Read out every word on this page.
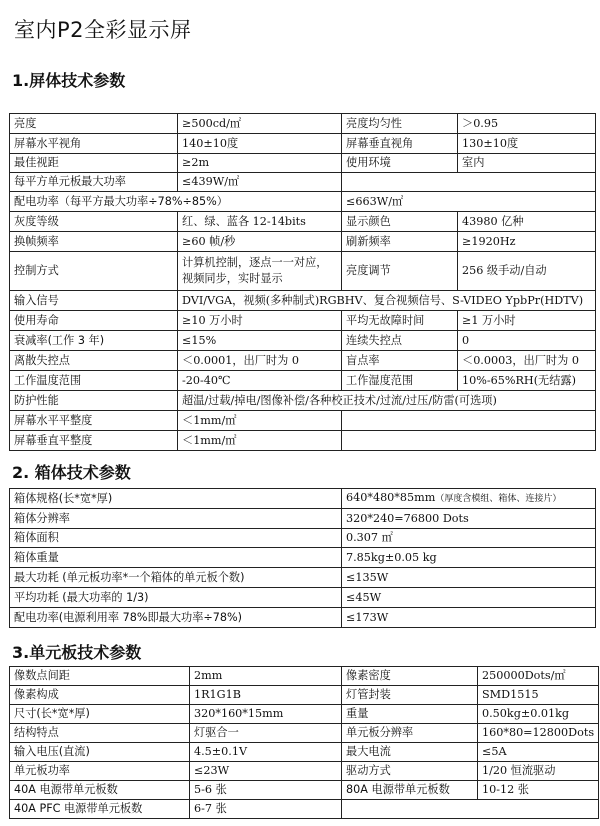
室内P2全彩显示屏
1.屏体技术参数
亮度	≥500cd/㎡	亮度均匀性	＞0.95
屏幕水平视角	140±10度	屏幕垂直视角	130±10度
最佳视距	≥2m	使用环境	室内
每平方单元板最大功率	≤439W/㎡		
配电功率（每平方最大功率÷78%÷85%）		≤663W/㎡	
灰度等级	红、绿、蓝各 12-14bits	显示颜色	43980 亿种
换帧频率	≥60 帧/秒	刷新频率	≥1920Hz
控制方式	计算机控制，逐点一一对应，视频同步，实时显示	亮度调节	256 级手动/自动
输入信号	DVI/VGA，视频(多种制式)RGBHV、复合视频信号、S-VIDEO YpbPr(HDTV)		
使用寿命	≥10 万小时	平均无故障时间	≥1 万小时
衰减率(工作 3 年)	≤15%	连续失控点	0
离散失控点	＜0.0001，出厂时为 0	盲点率	＜0.0003，出厂时为 0
工作温度范围	-20-40℃	工作湿度范围	10%-65%RH(无结露)
防护性能	超温/过载/掉电/图像补偿/各种校正技术/过流/过压/防雷(可选项)		
屏幕水平平整度	＜1mm/㎡		
屏幕垂直平整度	＜1mm/㎡		
2. 箱体技术参数
箱体规格(长*宽*厚)	640*480*85mm（厚度含模组、箱体、连接片）
箱体分辨率	320*240=76800 Dots
箱体面积	0.307 ㎡
箱体重量	7.85kg±0.05 kg
最大功耗 (单元板功率*一个箱体的单元板个数)	≤135W
平均功耗 (最大功率的 1/3)	≤45W
配电功率(电源利用率 78%即最大功率÷78%)	≤173W
3.单元板技术参数
像数点间距	2mm	像素密度	250000Dots/㎡
像素构成	1R1G1B	灯管封装	SMD1515
尺寸(长*宽*厚)	320*160*15mm	重量	0.50kg±0.01kg
结构特点	灯驱合一	单元板分辨率	160*80=12800Dots
输入电压(直流)	4.5±0.1V	最大电流	≤5A
单元板功率	≤23W	驱动方式	1/20 恒流驱动
40A 电源带单元板数	5-6 张	80A 电源带单元板数	10-12 张
40A PFC 电源带单元板数	6-7 张		
